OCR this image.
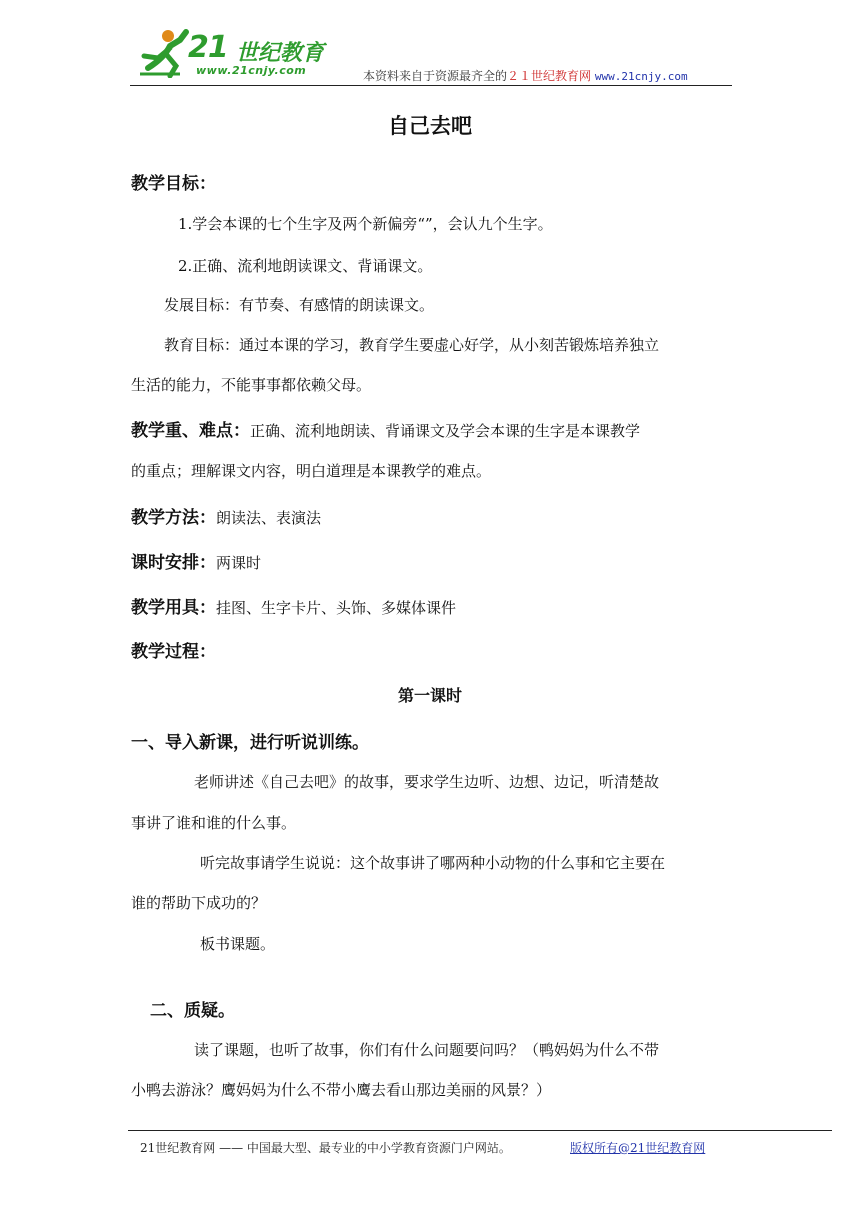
21 世纪教育
www.21cnjy.com	本资料来自于资源最齐全的２１世纪教育网 www.21cnjy.com
自己去吧
教学目标：
1.学会本课的七个生字及两个新偏旁“”，会认九个生字。
2.正确、流利地朗读课文、背诵课文。
发展目标：有节奏、有感情的朗读课文。
教育目标：通过本课的学习，教育学生要虚心好学，从小刻苦锻炼培养独立
生活的能力，不能事事都依赖父母。
教学重、难点：正确、流利地朗读、背诵课文及学会本课的生字是本课教学
的重点；理解课文内容，明白道理是本课教学的难点。
教学方法：朗读法、表演法
课时安排：两课时
教学用具：挂图、生字卡片、头饰、多媒体课件
教学过程：
第一课时
一、导入新课，进行听说训练。
老师讲述《自己去吧》的故事，要求学生边听、边想、边记，听清楚故
事讲了谁和谁的什么事。
听完故事请学生说说：这个故事讲了哪两种小动物的什么事和它主要在
谁的帮助下成功的？
板书课题。
二、质疑。
读了课题，也听了故事，你们有什么问题要问吗？（鸭妈妈为什么不带
小鸭去游泳？鹰妈妈为什么不带小鹰去看山那边美丽的风景？）
21世纪教育网 —— 中国最大型、最专业的中小学教育资源门户网站。	版权所有@21世纪教育网
